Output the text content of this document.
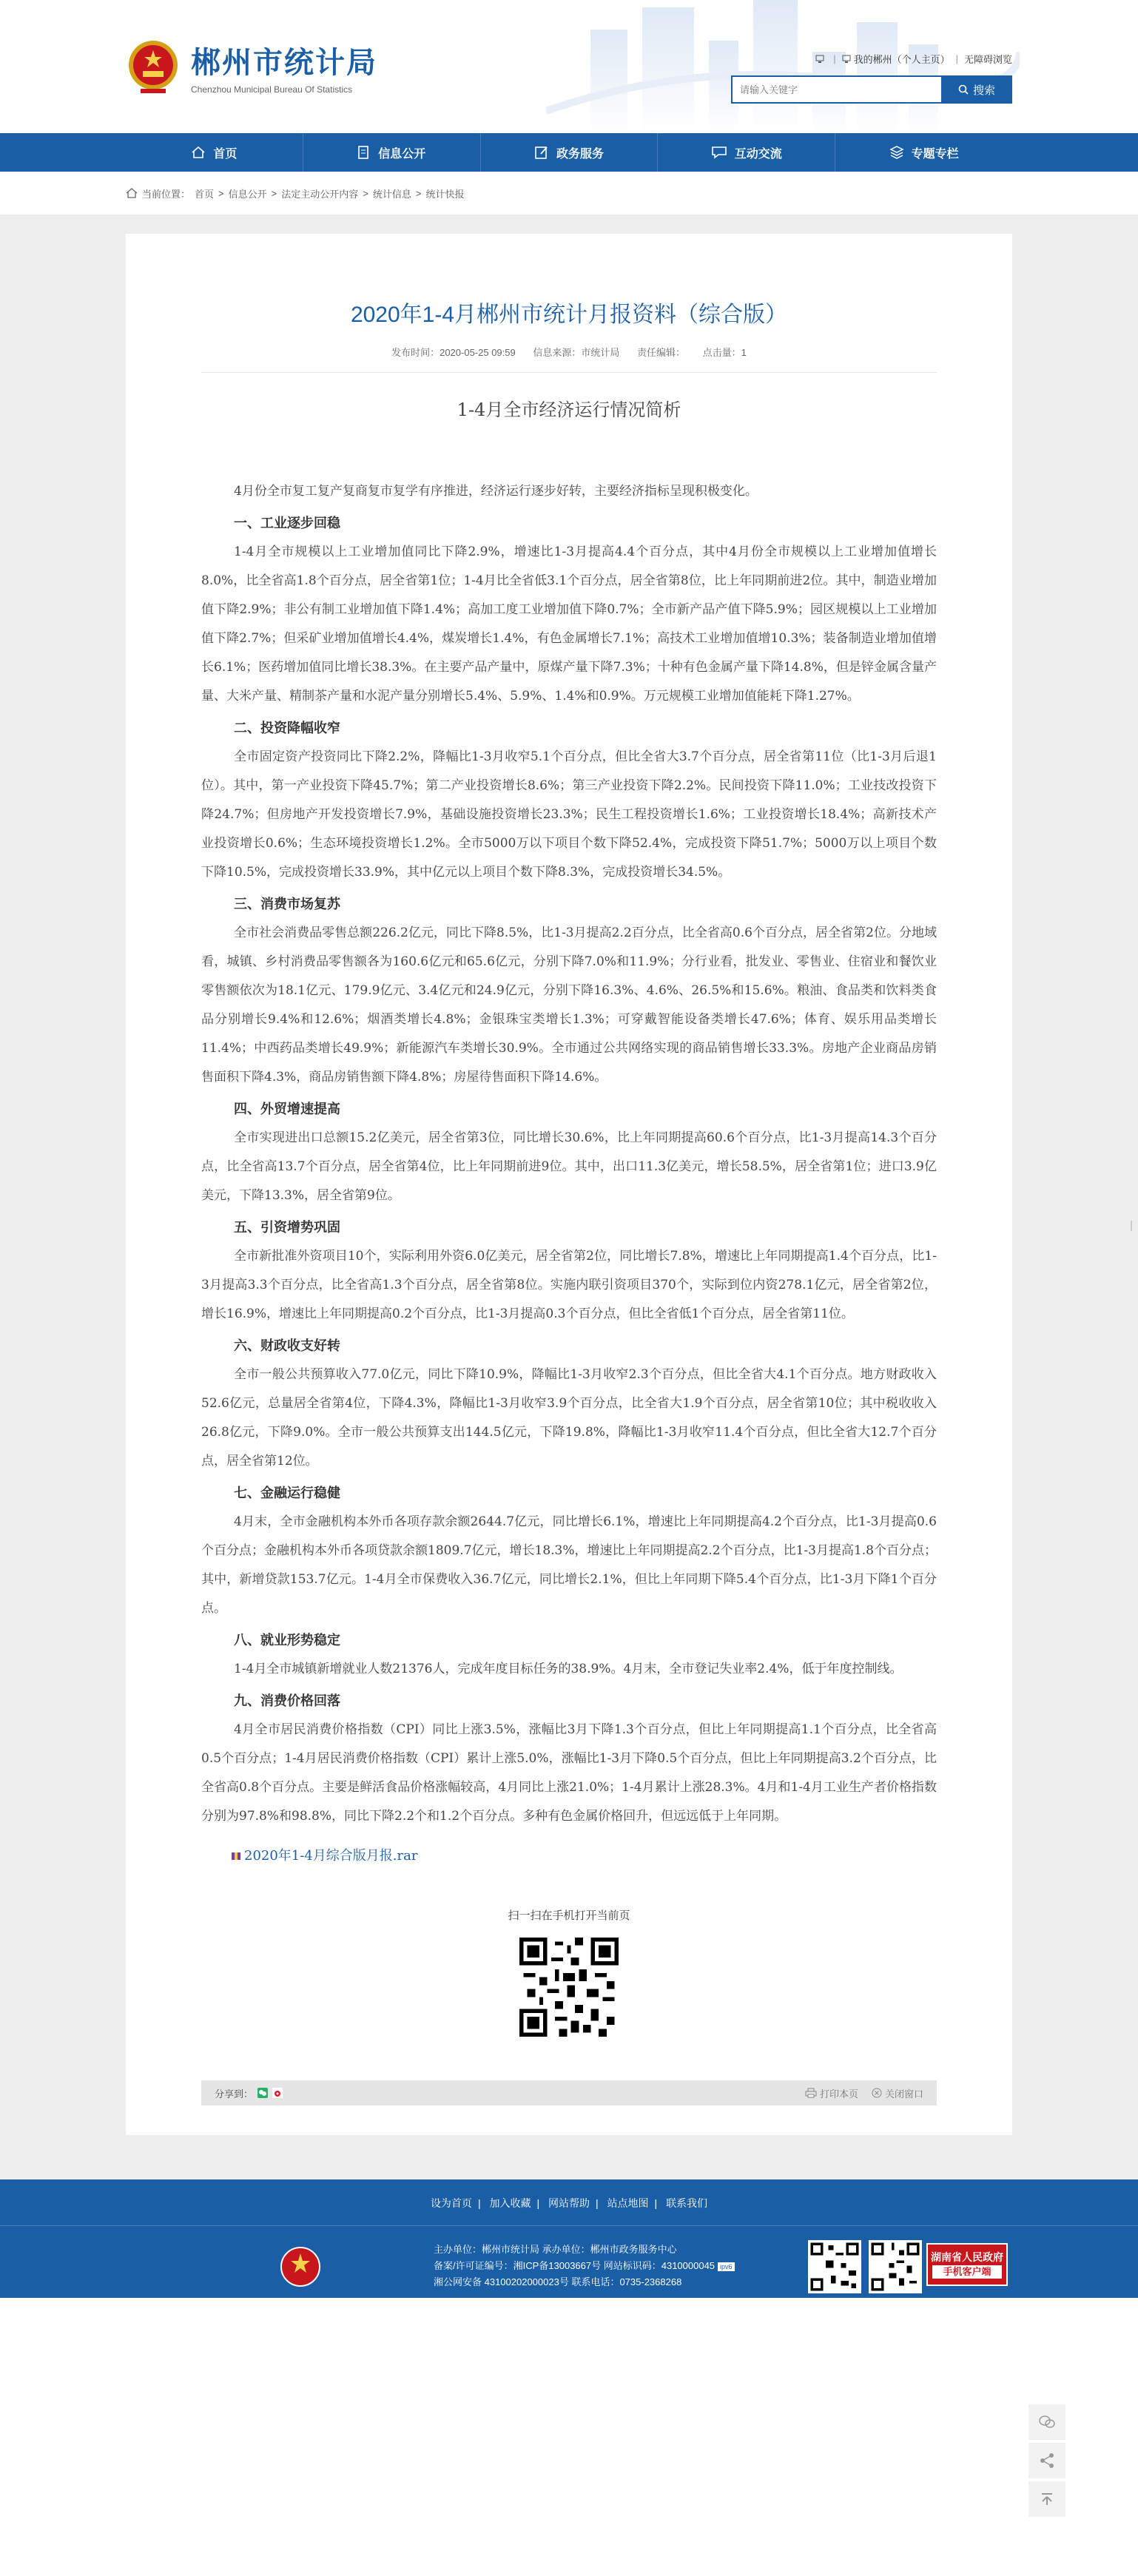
郴州市统计局
Chenzhou Municipal Bureau Of Statistics
| 我的郴州（个人主页） | 无障碍浏览
请输入关键字
搜索
首页	信息公开	政务服务	互动交流	专题专栏
当前位置： 首页 > 信息公开 > 法定主动公开内容 > 统计信息 > 统计快报
2020年1-4月郴州市统计月报资料（综合版）
发布时间：2020-05-25 09:59 信息来源：市统计局 责任编辑： 点击量：1
1-4月全市经济运行情况简析

4月份全市复工复产复商复市复学有序推进，经济运行逐步好转，主要经济指标呈现积极变化。

一、工业逐步回稳

1-4月全市规模以上工业增加值同比下降2.9%，增速比1-3月提高4.4个百分点，其中4月份全市规模以上工业增加值增长8.0%，比全省高1.8个百分点，居全省第1位；1-4月比全省低3.1个百分点，居全省第8位，比上年同期前进2位。其中，制造业增加值下降2.9%；非公有制工业增加值下降1.4%；高加工度工业增加值下降0.7%；全市新产品产值下降5.9%；园区规模以上工业增加值下降2.7%；但采矿业增加值增长4.4%，煤炭增长1.4%，有色金属增长7.1%；高技术工业增加值增10.3%；装备制造业增加值增长6.1%；医药增加值同比增长38.3%。在主要产品产量中，原煤产量下降7.3%；十种有色金属产量下降14.8%，但是锌金属含量产量、大米产量、精制茶产量和水泥产量分别增长5.4%、5.9%、1.4%和0.9%。万元规模工业增加值能耗下降1.27%。

二、投资降幅收窄

全市固定资产投资同比下降2.2%，降幅比1-3月收窄5.1个百分点，但比全省大3.7个百分点，居全省第11位（比1-3月后退1位）。其中，第一产业投资下降45.7%；第二产业投资增长8.6%；第三产业投资下降2.2%。民间投资下降11.0%；工业技改投资下降24.7%；但房地产开发投资增长7.9%，基础设施投资增长23.3%；民生工程投资增长1.6%；工业投资增长18.4%；高新技术产业投资增长0.6%；生态环境投资增长1.2%。全市5000万以下项目个数下降52.4%，完成投资下降51.7%；5000万以上项目个数下降10.5%，完成投资增长33.9%，其中亿元以上项目个数下降8.3%，完成投资增长34.5%。

三、消费市场复苏

全市社会消费品零售总额226.2亿元，同比下降8.5%，比1-3月提高2.2百分点，比全省高0.6个百分点，居全省第2位。分地域看，城镇、乡村消费品零售额各为160.6亿元和65.6亿元，分别下降7.0%和11.9%；分行业看，批发业、零售业、住宿业和餐饮业零售额依次为18.1亿元、179.9亿元、3.4亿元和24.9亿元，分别下降16.3%、4.6%、26.5%和15.6%。粮油、食品类和饮料类食品分别增长9.4%和12.6%；烟酒类增长4.8%；金银珠宝类增长1.3%；可穿戴智能设备类增长47.6%；体育、娱乐用品类增长11.4%；中西药品类增长49.9%；新能源汽车类增长30.9%。全市通过公共网络实现的商品销售增长33.3%。房地产企业商品房销售面积下降4.3%，商品房销售额下降4.8%；房屋待售面积下降14.6%。

四、外贸增速提高

全市实现进出口总额15.2亿美元，居全省第3位，同比增长30.6%，比上年同期提高60.6个百分点，比1-3月提高14.3个百分点，比全省高13.7个百分点，居全省第4位，比上年同期前进9位。其中，出口11.3亿美元，增长58.5%，居全省第1位；进口3.9亿美元，下降13.3%，居全省第9位。

五、引资增势巩固

全市新批准外资项目10个，实际利用外资6.0亿美元，居全省第2位，同比增长7.8%，增速比上年同期提高1.4个百分点，比1-3月提高3.3个百分点，比全省高1.3个百分点，居全省第8位。实施内联引资项目370个，实际到位内资278.1亿元，居全省第2位，增长16.9%，增速比上年同期提高0.2个百分点，比1-3月提高0.3个百分点，但比全省低1个百分点，居全省第11位。

六、财政收支好转

全市一般公共预算收入77.0亿元，同比下降10.9%，降幅比1-3月收窄2.3个百分点，但比全省大4.1个百分点。地方财政收入52.6亿元，总量居全省第4位，下降4.3%，降幅比1-3月收窄3.9个百分点，比全省大1.9个百分点，居全省第10位；其中税收收入26.8亿元，下降9.0%。全市一般公共预算支出144.5亿元，下降19.8%，降幅比1-3月收窄11.4个百分点，但比全省大12.7个百分点，居全省第12位。

七、金融运行稳健

4月末，全市金融机构本外币各项存款余额2644.7亿元，同比增长6.1%，增速比上年同期提高4.2个百分点，比1-3月提高0.6个百分点；金融机构本外币各项贷款余额1809.7亿元，增长18.3%，增速比上年同期提高2.2个百分点，比1-3月提高1.8个百分点；其中，新增贷款153.7亿元。1-4月全市保费收入36.7亿元，同比增长2.1%，但比上年同期下降5.4个百分点，比1-3月下降1个百分点。

八、就业形势稳定

1-4月全市城镇新增就业人数21376人，完成年度目标任务的38.9%。4月末，全市登记失业率2.4%，低于年度控制线。

九、消费价格回落

4月全市居民消费价格指数（CPI）同比上涨3.5%，涨幅比3月下降1.3个百分点，但比上年同期提高1.1个百分点，比全省高0.5个百分点；1-4月居民消费价格指数（CPI）累计上涨5.0%，涨幅比1-3月下降0.5个百分点，但比上年同期提高3.2个百分点，比全省高0.8个百分点。主要是鲜活食品价格涨幅较高，4月同比上涨21.0%；1-4月累计上涨28.3%。4月和1-4月工业生产者价格指数分别为97.8%和98.8%，同比下降2.2个和1.2个百分点。多种有色金属价格回升，但远远低于上年同期。

2020年1-4月综合版月报.rar
扫一扫在手机打开当前页
分享到：	打印本页	关闭窗口
设为首页 | 加入收藏 | 网站帮助 | 站点地图 | 联系我们
主办单位：郴州市统计局 承办单位：郴州市政务服务中心
备案/许可证编号：湘ICP备13003667号 网站标识码：4310000045 ipv6
湘公网安备 43100202000023号 联系电话：0735-2368268
湖南省人民政府
手机客户端
